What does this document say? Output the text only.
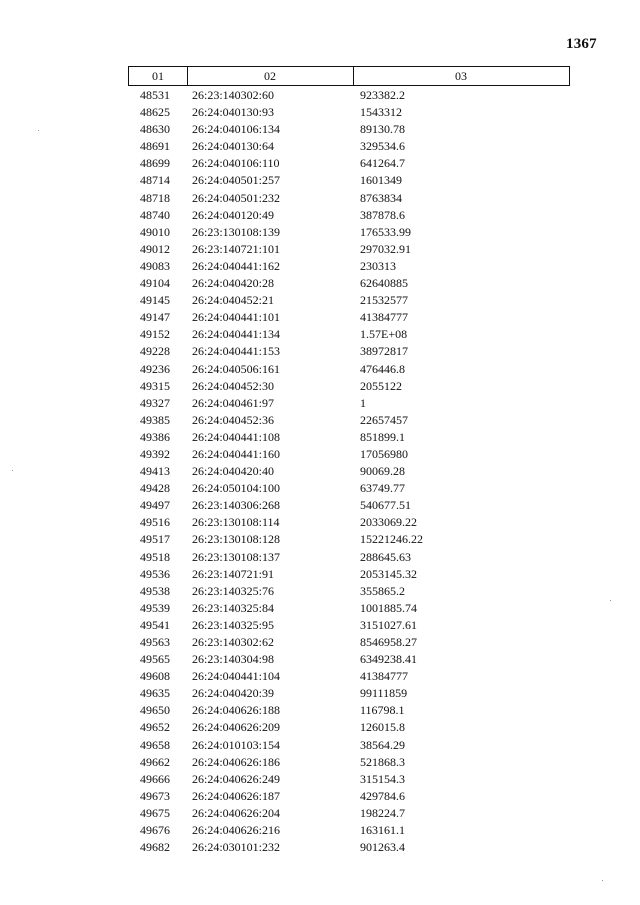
1367
01	02	03
48531 26:23:140302:60	923382.2
48625 26:24:040130:93	1543312
48630 26:24:040106:134	89130.78
48691 26:24:040130:64	329534.6
48699 26:24:040106:110	641264.7
48714 26:24:040501:257	1601349
48718 26:24:040501:232	8763834
48740 26:24:040120:49	387878.6
49010 26:23:130108:139	176533.99
49012 26:23:140721:101	297032.91
49083 26:24:040441:162	230313
49104 26:24:040420:28	62640885
49145 26:24:040452:21	21532577
49147 26:24:040441:101	41384777
49152 26:24:040441:134	1.57E+08
49228 26:24:040441:153	38972817
49236 26:24:040506:161	476446.8
49315 26:24:040452:30	2055122
49327 26:24:040461:97	1
49385 26:24:040452:36	22657457
49386 26:24:040441:108	851899.1
49392 26:24:040441:160	17056980
49413 26:24:040420:40	90069.28
49428 26:24:050104:100	63749.77
49497 26:23:140306:268	540677.51
49516 26:23:130108:114	2033069.22
49517 26:23:130108:128	15221246.22
49518 26:23:130108:137	288645.63
49536 26:23:140721:91	2053145.32
49538 26:23:140325:76	355865.2
49539 26:23:140325:84	1001885.74
49541 26:23:140325:95	3151027.61
49563 26:23:140302:62	8546958.27
49565 26:23:140304:98	6349238.41
49608 26:24:040441:104	41384777
49635 26:24:040420:39	99111859
49650 26:24:040626:188	116798.1
49652 26:24:040626:209	126015.8
49658 26:24:010103:154	38564.29
49662 26:24:040626:186	521868.3
49666 26:24:040626:249	315154.3
49673 26:24:040626:187	429784.6
49675 26:24:040626:204	198224.7
49676 26:24:040626:216	163161.1
49682 26:24:030101:232	901263.4
